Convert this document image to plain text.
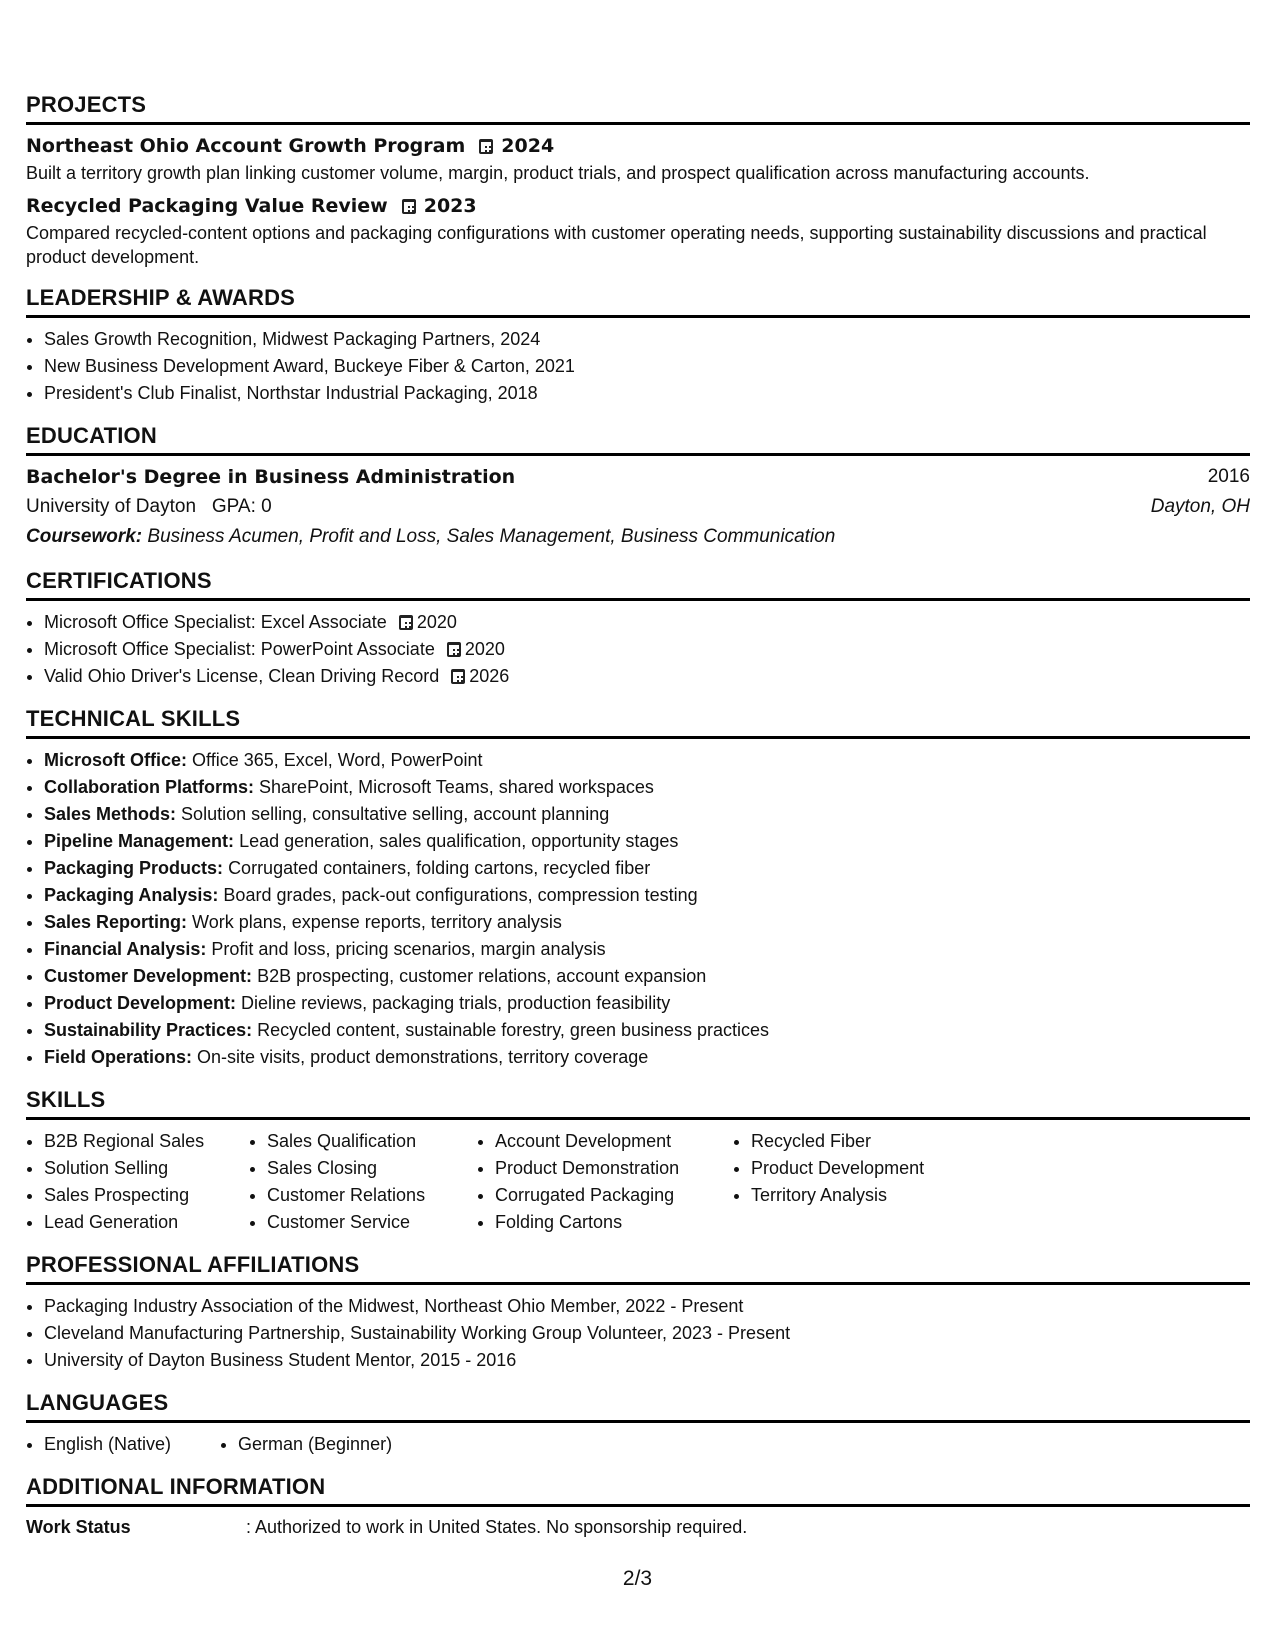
PROJECTS
Northeast Ohio Account Growth Program 2024
Built a territory growth plan linking customer volume, margin, product trials, and prospect qualification across manufacturing accounts.
Recycled Packaging Value Review 2023
Compared recycled-content options and packaging configurations with customer operating needs, supporting sustainability discussions and practical product development.
LEADERSHIP & AWARDS
• Sales Growth Recognition, Midwest Packaging Partners, 2024
• New Business Development Award, Buckeye Fiber & Carton, 2021
• President's Club Finalist, Northstar Industrial Packaging, 2018
EDUCATION
Bachelor's Degree in Business Administration	2016
University of Dayton GPA: 0	Dayton, OH
Coursework: Business Acumen, Profit and Loss, Sales Management, Business Communication
CERTIFICATIONS
• Microsoft Office Specialist: Excel Associate 2020
• Microsoft Office Specialist: PowerPoint Associate 2020
• Valid Ohio Driver's License, Clean Driving Record 2026
TECHNICAL SKILLS
• Microsoft Office: Office 365, Excel, Word, PowerPoint
• Collaboration Platforms: SharePoint, Microsoft Teams, shared workspaces
• Sales Methods: Solution selling, consultative selling, account planning
• Pipeline Management: Lead generation, sales qualification, opportunity stages
• Packaging Products: Corrugated containers, folding cartons, recycled fiber
• Packaging Analysis: Board grades, pack-out configurations, compression testing
• Sales Reporting: Work plans, expense reports, territory analysis
• Financial Analysis: Profit and loss, pricing scenarios, margin analysis
• Customer Development: B2B prospecting, customer relations, account expansion
• Product Development: Dieline reviews, packaging trials, production feasibility
• Sustainability Practices: Recycled content, sustainable forestry, green business practices
• Field Operations: On-site visits, product demonstrations, territory coverage
SKILLS
• B2B Regional Sales
• Solution Selling
• Sales Prospecting
• Lead Generation
• Sales Qualification
• Sales Closing
• Customer Relations
• Customer Service
• Account Development
• Product Demonstration
• Corrugated Packaging
• Folding Cartons
• Recycled Fiber
• Product Development
• Territory Analysis
PROFESSIONAL AFFILIATIONS
• Packaging Industry Association of the Midwest, Northeast Ohio Member, 2022 - Present
• Cleveland Manufacturing Partnership, Sustainability Working Group Volunteer, 2023 - Present
• University of Dayton Business Student Mentor, 2015 - 2016
LANGUAGES
• English (Native)
•	German (Beginner)
ADDITIONAL INFORMATION
Work Status	: Authorized to work in United States. No sponsorship required.
2/3
